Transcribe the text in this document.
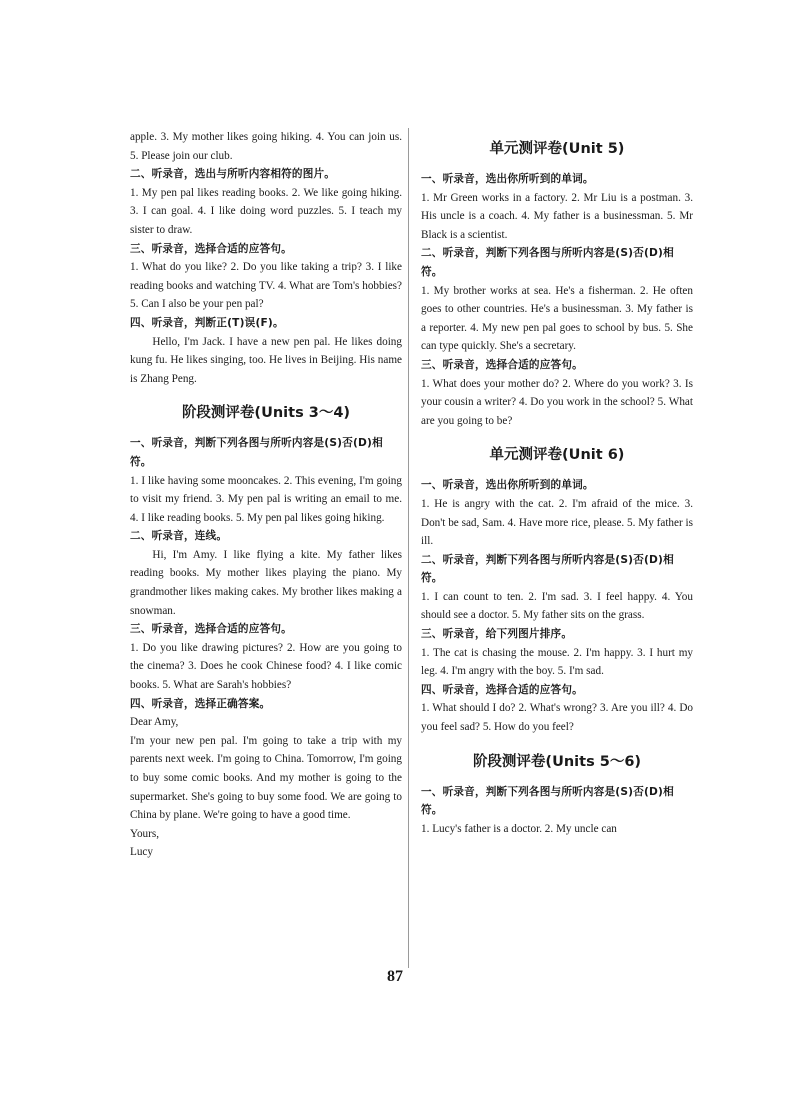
apple. 3. My mother likes going hiking. 4. You can join us. 5. Please join our club.

二、听录音，选出与所听内容相符的图片。

1. My pen pal likes reading books. 2. We like going hiking. 3. I can goal. 4. I like doing word puzzles. 5. I teach my sister to draw.

三、听录音，选择合适的应答句。

1. What do you like? 2. Do you like taking a trip? 3. I like reading books and watching TV. 4. What are Tom's hobbies? 5. Can I also be your pen pal?

四、听录音，判断正(T)误(F)。

Hello, I'm Jack. I have a new pen pal. He likes doing kung fu. He likes singing, too. He lives in Beijing. His name is Zhang Peng.

阶段测评卷(Units 3～4)

一、听录音，判断下列各图与所听内容是(S)否(D)相符。

1. I like having some mooncakes. 2. This evening, I'm going to visit my friend. 3. My pen pal is writing an email to me. 4. I like reading books. 5. My pen pal likes going hiking.

二、听录音，连线。

Hi, I'm Amy. I like flying a kite. My father likes reading books. My mother likes playing the piano. My grandmother likes making cakes. My brother likes making a snowman.

三、听录音，选择合适的应答句。

1. Do you like drawing pictures? 2. How are you going to the cinema? 3. Does he cook Chinese food? 4. I like comic books. 5. What are Sarah's hobbies?

四、听录音，选择正确答案。

Dear Amy,

I'm your new pen pal. I'm going to take a trip with my parents next week. I'm going to China. Tomorrow, I'm going to buy some comic books. And my mother is going to the supermarket. She's going to buy some food. We are going to China by plane. We're going to have a good time.

Yours,

Lucy

单元测评卷(Unit 5)

一、听录音，选出你所听到的单词。

1. Mr Green works in a factory. 2. Mr Liu is a postman. 3. His uncle is a coach. 4. My father is a businessman. 5. Mr Black is a scientist.

二、听录音，判断下列各图与所听内容是(S)否(D)相符。

1. My brother works at sea. He's a fisherman. 2. He often goes to other countries. He's a businessman. 3. My father is a reporter. 4. My new pen pal goes to school by bus. 5. She can type quickly. She's a secretary.

三、听录音，选择合适的应答句。

1. What does your mother do? 2. Where do you work? 3. Is your cousin a writer? 4. Do you work in the school? 5. What are you going to be?

单元测评卷(Unit 6)

一、听录音，选出你所听到的单词。

1. He is angry with the cat. 2. I'm afraid of the mice. 3. Don't be sad, Sam. 4. Have more rice, please. 5. My father is ill.

二、听录音，判断下列各图与所听内容是(S)否(D)相符。

1. I can count to ten. 2. I'm sad. 3. I feel happy. 4. You should see a doctor. 5. My father sits on the grass.

三、听录音，给下列图片排序。

1. The cat is chasing the mouse. 2. I'm happy. 3. I hurt my leg. 4. I'm angry with the boy. 5. I'm sad.

四、听录音，选择合适的应答句。

1. What should I do? 2. What's wrong? 3. Are you ill? 4. Do you feel sad? 5. How do you feel?

阶段测评卷(Units 5～6)

一、听录音，判断下列各图与所听内容是(S)否(D)相符。

1. Lucy's father is a doctor. 2. My uncle can

87
